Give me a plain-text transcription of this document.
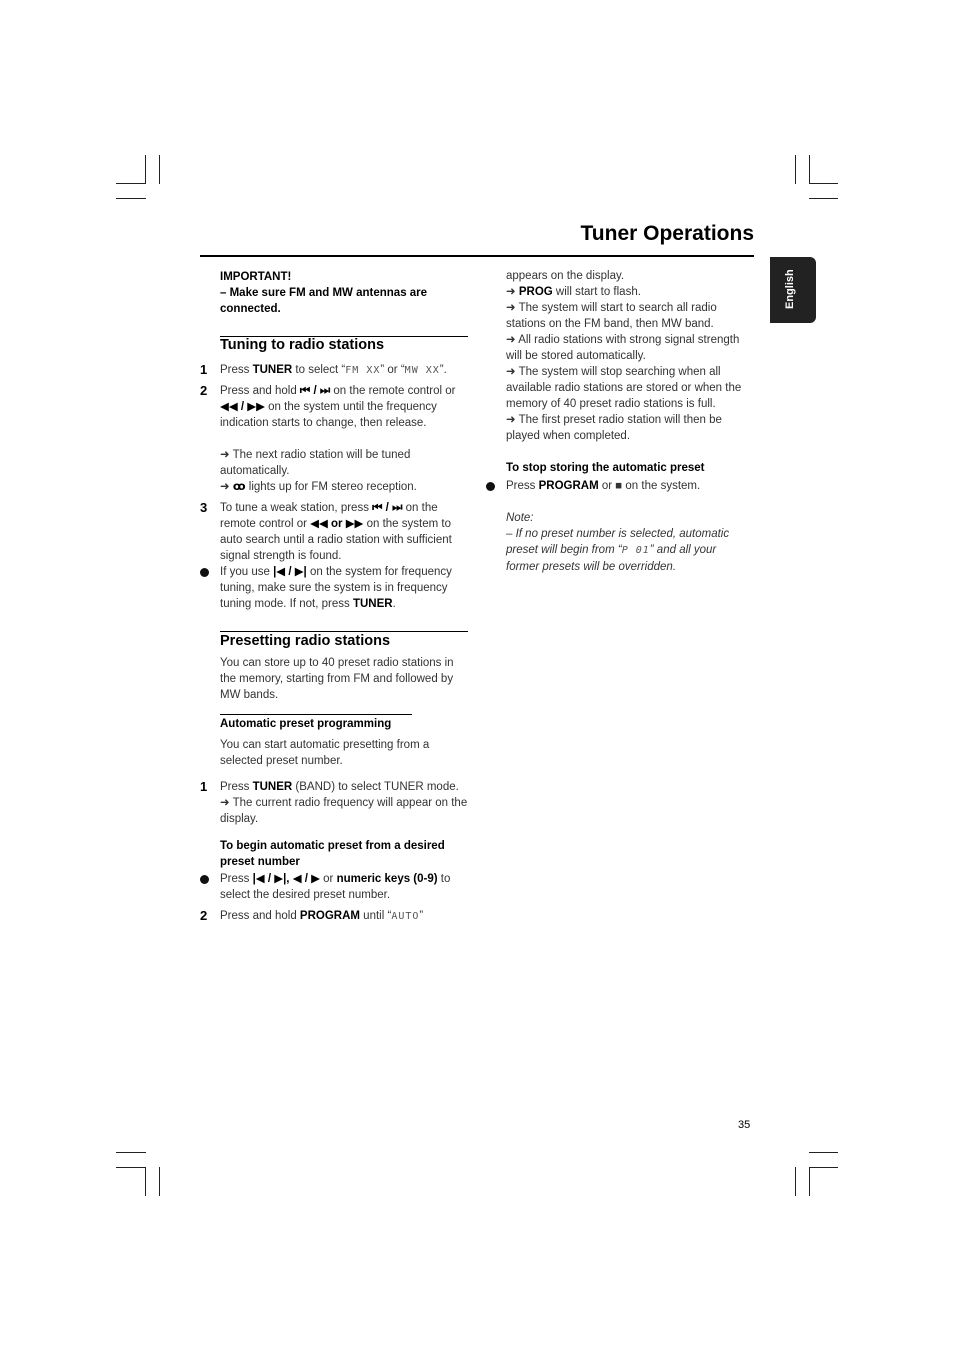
Tuner Operations
English
IMPORTANT!
– Make sure FM and MW antennas are connected.
Tuning to radio stations
1 Press TUNER to select “FM XX” or “MW XX”.
2 Press and hold ⏮ / ⏭ on the remote control or ◀◀ / ▶▶ on the system until the frequency indication starts to change, then release.
➜ The next radio station will be tuned automatically.
➜ ꝏ lights up for FM stereo reception.
3 To tune a weak station, press ⏮ / ⏭ on the remote control or ◀◀ or ▶▶ on the system to auto search until a radio station with sufficient signal strength is found.
If you use |◀ / ▶| on the system for frequency tuning, make sure the system is in frequency tuning mode. If not, press TUNER.
Presetting radio stations
You can store up to 40 preset radio stations in the memory, starting from FM and followed by MW bands.
Automatic preset programming
You can start automatic presetting from a selected preset number.
1 Press TUNER (BAND) to select TUNER mode.
➜ The current radio frequency will appear on the display.
To begin automatic preset from a desired preset number
Press |◀ / ▶|, ◀ / ▶ or numeric keys (0-9) to select the desired preset number.
2 Press and hold PROGRAM until “AUTO”
appears on the display.
➜ PROG will start to flash.
➜ The system will start to search all radio stations on the FM band, then MW band.
➜ All radio stations with strong signal strength will be stored automatically.
➜ The system will stop searching when all available radio stations are stored or when the memory of 40 preset radio stations is full.
➜ The first preset radio station will then be played when completed.
To stop storing the automatic preset
Press PROGRAM or ■ on the system.
Note:
– If no preset number is selected, automatic preset will begin from “P 01” and all your former presets will be overridden.
35
